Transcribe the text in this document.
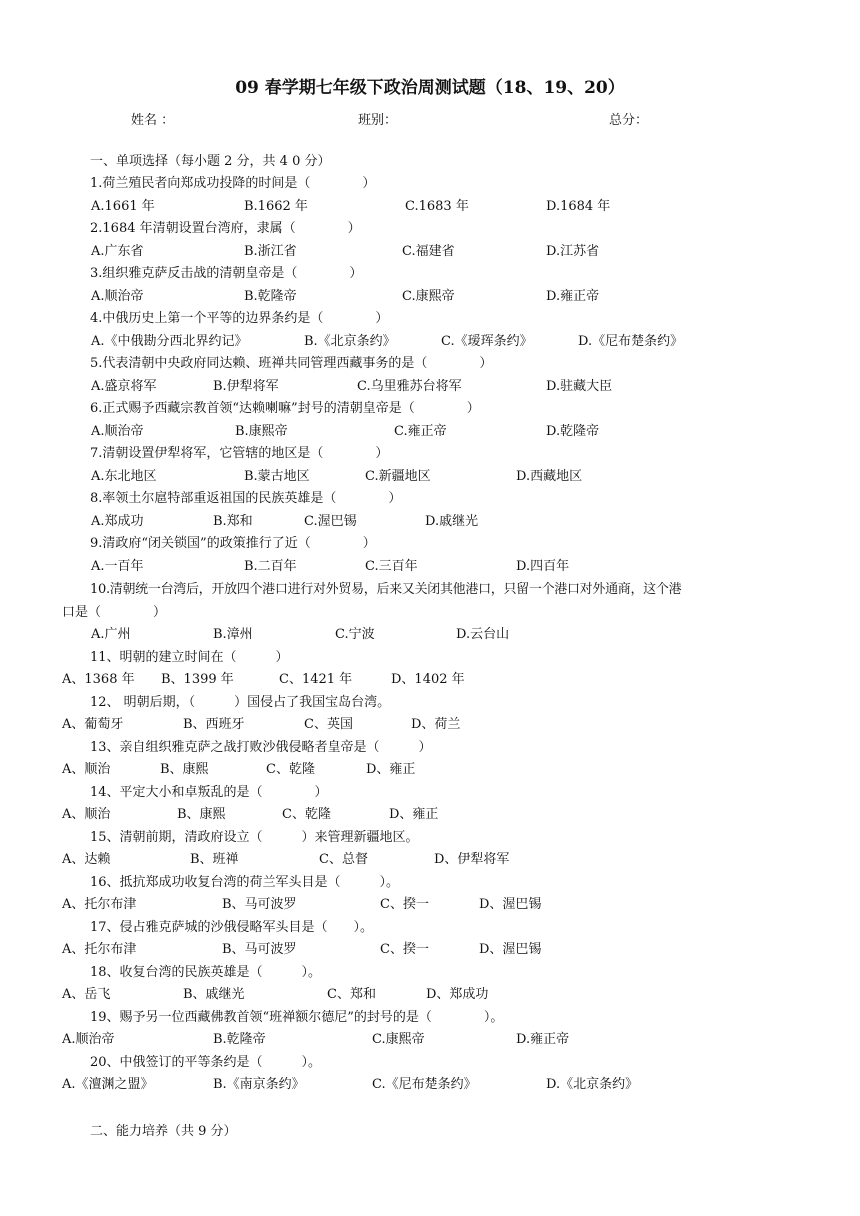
09 春学期七年级下政治周测试题（18、19、20）
姓名 ：	班别：	总分：
一、单项选择（每小题 2 分，共 4 0 分）
1.荷兰殖民者向郑成功投降的时间是（　　　　）
A.1661 年	B.1662 年	C.1683 年	D.1684 年
2.1684 年清朝设置台湾府，隶属（　　　　）
A.广东省	B.浙江省	C.福建省	D.江苏省
3.组织雅克萨反击战的清朝皇帝是（　　　　）
A.顺治帝	B.乾隆帝	C.康熙帝	D.雍正帝
4.中俄历史上第一个平等的边界条约是（　　　　）
A.《中俄勘分西北界约记》	B.《北京条约》	C.《瑷珲条约》	D.《尼布楚条约》
5.代表清朝中央政府同达赖、班禅共同管理西藏事务的是（　　　　）
A.盛京将军	B.伊犁将军	C.乌里雅苏台将军	D.驻藏大臣
6.正式赐予西藏宗教首领“达赖喇嘛”封号的清朝皇帝是（　　　　）
A.顺治帝	B.康熙帝	C.雍正帝	D.乾隆帝
7.清朝设置伊犁将军，它管辖的地区是（　　　　）
A.东北地区	B.蒙古地区	C.新疆地区	D.西藏地区
8.率领土尔扈特部重返祖国的民族英雄是（　　　　）
A.郑成功	B.郑和	C.渥巴锡	D.戚继光
9.清政府“闭关锁国”的政策推行了近（　　　　）
A.一百年	B.二百年	C.三百年	D.四百年
10.清朝统一台湾后，开放四个港口进行对外贸易，后来又关闭其他港口，只留一个港口对外通商，这个港
口是（　　　　）
A.广州	B.漳州	C.宁波	D.云台山
11、明朝的建立时间在（　　　）
A、1368 年 B、1399 年	C、1421 年	D、1402 年
12、 明朝后期，（　　　）国侵占了我国宝岛台湾。
A、葡萄牙	B、西班牙	C、英国	D、荷兰
13、亲自组织雅克萨之战打败沙俄侵略者皇帝是（　　　）
A、顺治	B、康熙	C、乾隆	D、雍正
14、平定大小和卓叛乱的是（　　　　）
A、顺治	B、康熙	C、乾隆	D、雍正
15、清朝前期，清政府设立（　　　）来管理新疆地区。
A、达赖	B、班禅	C、总督	D、伊犁将军
16、抵抗郑成功收复台湾的荷兰军头目是（　　　）。
A、托尔布津	B、马可波罗	C、揆一	D、渥巴锡
17、侵占雅克萨城的沙俄侵略军头目是（　　）。
A、托尔布津	B、马可波罗	C、揆一	D、渥巴锡
18、收复台湾的民族英雄是（　　　）。
A、岳飞	B、戚继光	C、郑和	D、郑成功
19、赐予另一位西藏佛教首领“班禅额尔德尼”的封号的是（　　　　）。
A.顺治帝	B.乾隆帝	C.康熙帝	D.雍正帝
20、中俄签订的平等条约是（　　　）。
A.《澶渊之盟》	B.《南京条约》	C.《尼布楚条约》	D.《北京条约》
二、能力培养（共 9 分）
